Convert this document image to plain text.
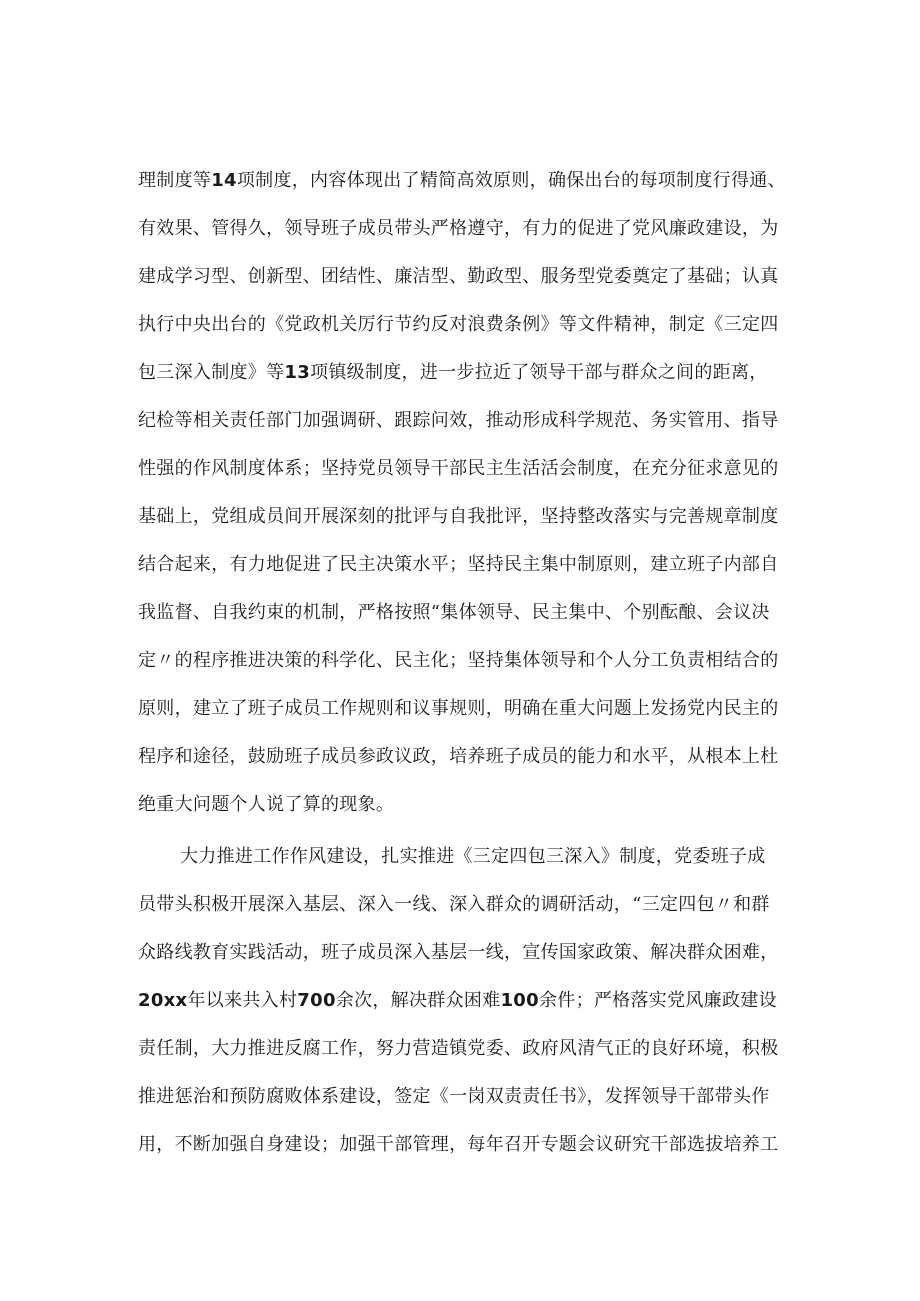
理制度等14项制度，内容体现出了精简高效原则，确保出台的每项制度行得通、
有效果、管得久，领导班子成员带头严格遵守，有力的促进了党风廉政建设，为
建成学习型、创新型、团结性、廉洁型、勤政型、服务型党委奠定了基础；认真
执行中央出台的《党政机关厉行节约反对浪费条例》等文件精神，制定《三定四
包三深入制度》等13项镇级制度，进一步拉近了领导干部与群众之间的距离，
纪检等相关责任部门加强调研、跟踪问效，推动形成科学规范、务实管用、指导
性强的作风制度体系；坚持党员领导干部民主生活活会制度，在充分征求意见的
基础上，党组成员间开展深刻的批评与自我批评，坚持整改落实与完善规章制度
结合起来，有力地促进了民主决策水平；坚持民主集中制原则，建立班子内部自
我监督、自我约束的机制，严格按照“集体领导、民主集中、个别酝酿、会议决
定〃的程序推进决策的科学化、民主化；坚持集体领导和个人分工负责相结合的
原则，建立了班子成员工作规则和议事规则，明确在重大问题上发扬党内民主的
程序和途径，鼓励班子成员参政议政，培养班子成员的能力和水平，从根本上杜
绝重大问题个人说了算的现象。
大力推进工作作风建设，扎实推进《三定四包三深入》制度，党委班子成
员带头积极开展深入基层、深入一线、深入群众的调研活动，“三定四包〃和群
众路线教育实践活动，班子成员深入基层一线，宣传国家政策、解决群众困难，
20xx年以来共入村700余次，解决群众困难100余件；严格落实党风廉政建设
责任制，大力推进反腐工作，努力营造镇党委、政府风清气正的良好环境，积极
推进惩治和预防腐败体系建设，签定《一岗双责责任书》，发挥领导干部带头作
用，不断加强自身建设；加强干部管理，每年召开专题会议研究干部选拔培养工
